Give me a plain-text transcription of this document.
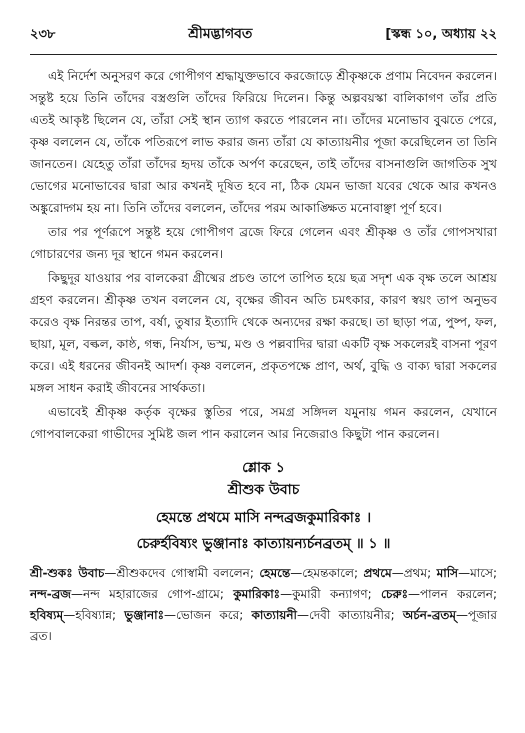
২৩৮	শ্রীমদ্ভাগবত	[স্কন্ধ ১০, অধ্যায় ২২

এই নির্দেশ অনুসরণ করে গোপীগণ শ্রদ্ধাযুক্তভাবে করজোড়ে শ্রীকৃষ্ণকে প্রণাম নিবেদন করলেন। সন্তুষ্ট হয়ে তিনি তাঁদের বস্ত্রগুলি তাঁদের ফিরিয়ে দিলেন। কিন্তু অল্পবয়স্কা বালিকাগণ তাঁর প্রতি এতই আকৃষ্ট ছিলেন যে, তাঁরা সেই স্থান ত্যাগ করতে পারলেন না। তাঁদের মনোভাব বুঝতে পেরে, কৃষ্ণ বললেন যে, তাঁকে পতিরূপে লাভ করার জন্য তাঁরা যে কাত্যায়নীর পূজা করেছিলেন তা তিনি জানতেন। যেহেতু তাঁরা তাঁদের হৃদয় তাঁকে অর্পণ করেছেন, তাই তাঁদের বাসনাগুলি জাগতিক সুখ ভোগের মনোভাবের দ্বারা আর কখনই দূষিত হবে না, ঠিক যেমন ভাজা যবের থেকে আর কখনও অঙ্কুরোদ্গম হয় না। তিনি তাঁদের বললেন, তাঁদের পরম আকাঙ্ক্ষিত মনোবাঞ্ছা পূর্ণ হবে।

তার পর পূর্ণরূপে সন্তুষ্ট হয়ে গোপীগণ ব্রজে ফিরে গেলেন এবং শ্রীকৃষ্ণ ও তাঁর গোপসখারা গোচারণের জন্য দূর স্থানে গমন করলেন।

কিছুদূর যাওয়ার পর বালকেরা গ্রীষ্মের প্রচণ্ড তাপে তাপিত হয়ে ছত্র সদৃশ এক বৃক্ষ তলে আশ্রয় গ্রহণ করলেন। শ্রীকৃষ্ণ তখন বললেন যে, বৃক্ষের জীবন অতি চমৎকার, কারণ স্বয়ং তাপ অনুভব করেও বৃক্ষ নিরন্তর তাপ, বর্ষা, তুষার ইত্যাদি থেকে অন্যদের রক্ষা করছে। তা ছাড়া পত্র, পুষ্প, ফল, ছায়া, মূল, বল্কল, কাষ্ঠ, গন্ধ, নির্যাস, ভস্ম, মণ্ড ও পল্লবাদির দ্বারা একটি বৃক্ষ সকলেরই বাসনা পূরণ করে। এই ধরনের জীবনই আদর্শ। কৃষ্ণ বললেন, প্রকৃতপক্ষে প্রাণ, অর্থ, বুদ্ধি ও বাক্য দ্বারা সকলের মঙ্গল সাধন করাই জীবনের সার্থকতা।

এভাবেই শ্রীকৃষ্ণ কর্তৃক বৃক্ষের স্তুতির পরে, সমগ্র সঙ্গিদল যমুনায় গমন করলেন, যেখানে গোপবালকেরা গাভীদের সুমিষ্ট জল পান করালেন আর নিজেরাও কিছুটা পান করলেন।

শ্লোক ১
শ্রীশুক উবাচ
হেমন্তে প্রথমে মাসি নন্দব্রজকুমারিকাঃ ।
চেরুর্হবিষ্যং ভুঞ্জানাঃ কাত্যায়ন্যর্চনব্রতম্ ॥ ১ ॥
শ্রী-শুকঃ উবাচ—শ্রীশুকদেব গোস্বামী বললেন; হেমন্তে—হেমন্তকালে; প্রথমে—প্রথম; মাসি—মাসে; নন্দ-ব্রজ—নন্দ মহারাজের গোপ-গ্রামে; কুমারিকাঃ—কুমারী কন্যাগণ; চেরুঃ—পালন করলেন; হবিষ্যম্—হবিষ্যান্ন; ভুঞ্জানাঃ—ভোজন করে; কাত্যায়নী—দেবী কাত্যায়নীর; অর্চন-ব্রতম্—পূজার ব্রত।
